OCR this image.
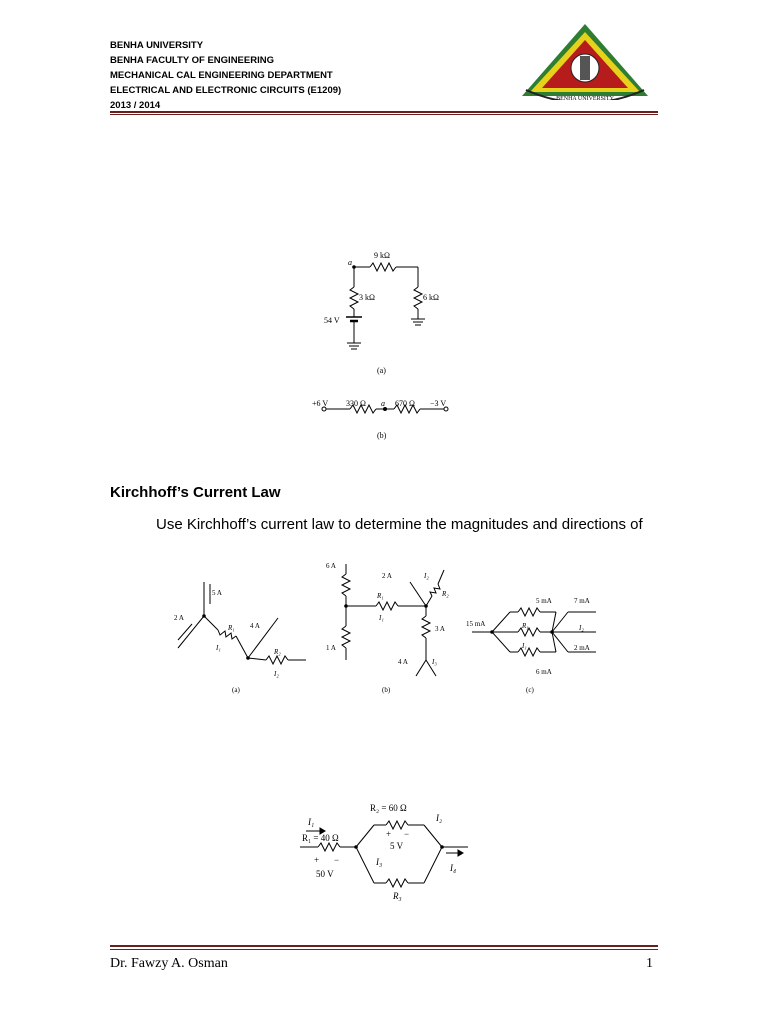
BENHA UNIVERSITY
BENHA FACULTY OF ENGINEERING
MECHANICAL CAL ENGINEERING DEPARTMENT
ELECTRICAL AND ELECTRONIC CIRCUITS (E1209)
2013 / 2014
BENHA UNIVERSITY
a
9 kΩ
3 kΩ	6 kΩ
54 V
(a)
+6 V 330 Ω a 670 Ω −3 V
(b)
Kirchhoff’s Current Law
Use Kirchhoff’s current law to determine the magnitudes and directions of
5 A
2 A
4 A
R₁
I₁	R₂
I₂
(a)
6 A
1 A
2 A
R₁
I₁
I₂
R₂
3 A
4 A	I₃
(b)
5 mA	7 mA
15 mA	R₁	I₂
I₁	2 mA
6 mA
(c)
R₂ = 60 Ω
I₂
I₁
R₁ = 40 Ω	+ −
5 V
I₃
+ −
50 V
I₄
R₃
Dr. Fawzy A. Osman	1
